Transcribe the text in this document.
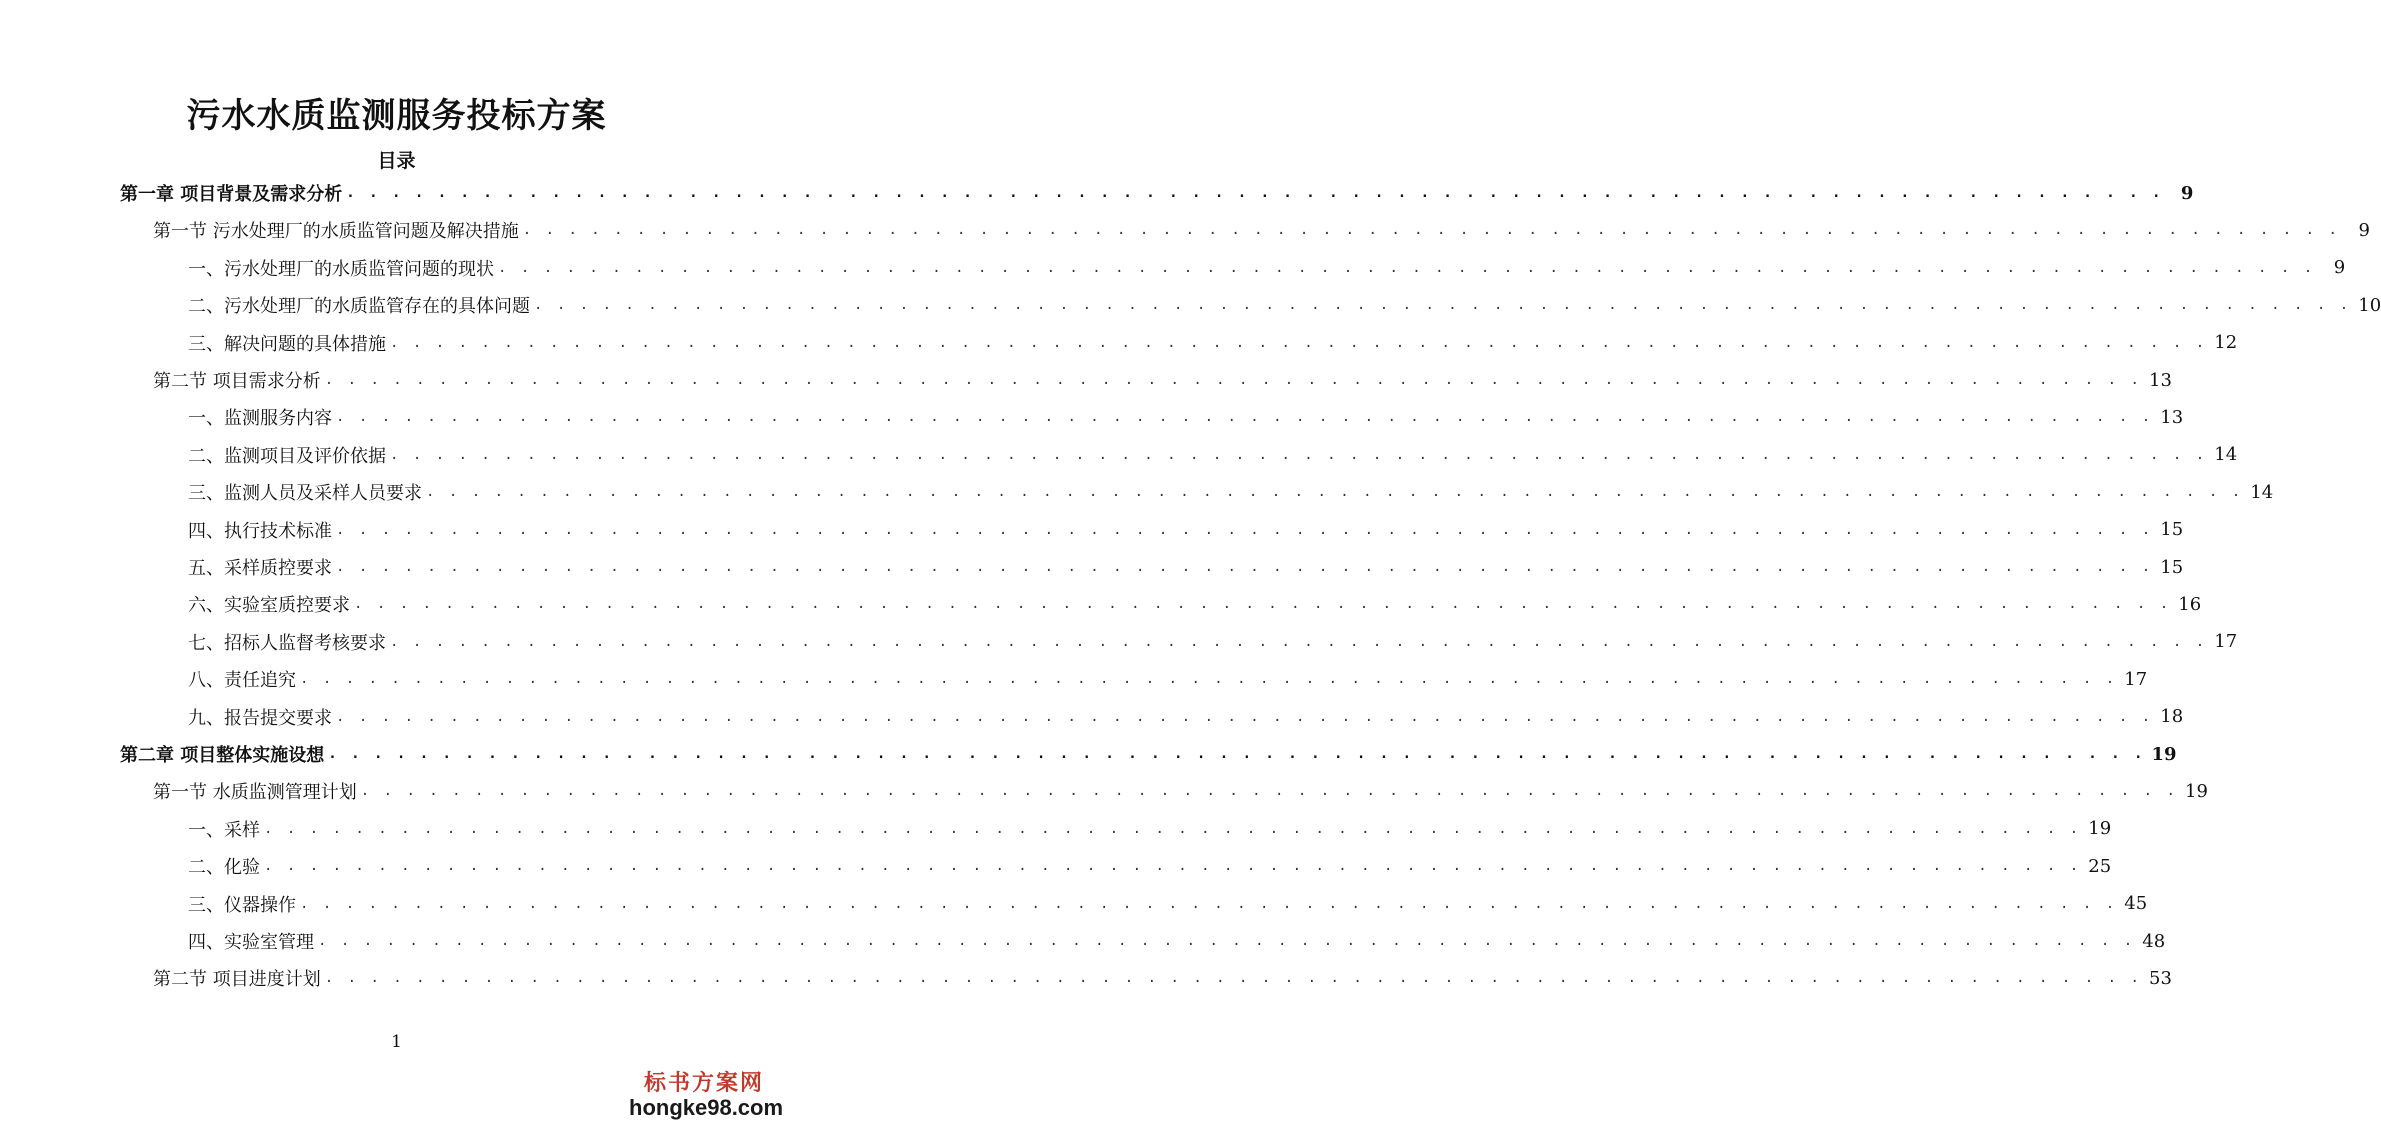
污水水质监测服务投标方案
目录
第一章 项目背景及需求分析 . . . . . . . . . . . . . . . . . . . . . . . . . . . . . . . . . . . . . . . . . . . . . . . . . . . . . . . . . . . . . . . . . . . . . . . . . . . . . . . . 9
第一节 污水处理厂的水质监管问题及解决措施 . . . . . . . . . . . . . . . . . . . . . . . . . . . . . . . . . . . . . . . . . . . . . . . . . . . . . . . . . . . . . . . . . . . . . . . . . . . . . . . .	9
一、污水处理厂的水质监管问题的现状 . . . . . . . . . . . . . . . . . . . . . . . . . . . . . . . . . . . . . . . . . . . . . . . . . . . . . . . . . . . . . . . . . . . . . . . . . . . . . . . .	9
二、污水处理厂的水质监管存在的具体问题 . . . . . . . . . . . . . . . . . . . . . . . . . . . . . . . . . . . . . . . . . . . . . . . . . . . . . . . . . . . . . . . . . . . . . . . . . . . . . . . . 10
三、解决问题的具体措施 . . . . . . . . . . . . . . . . . . . . . . . . . . . . . . . . . . . . . . . . . . . . . . . . . . . . . . . . . . . . . . . . . . . . . . . . . . . . . . . . 12
第二节 项目需求分析 . . . . . . . . . . . . . . . . . . . . . . . . . . . . . . . . . . . . . . . . . . . . . . . . . . . . . . . . . . . . . . . . . . . . . . . . . . . . . . . . 13
一、监测服务内容 . . . . . . . . . . . . . . . . . . . . . . . . . . . . . . . . . . . . . . . . . . . . . . . . . . . . . . . . . . . . . . . . . . . . . . . . . . . . . . . . 13
二、监测项目及评价依据 . . . . . . . . . . . . . . . . . . . . . . . . . . . . . . . . . . . . . . . . . . . . . . . . . . . . . . . . . . . . . . . . . . . . . . . . . . . . . . . . 14
三、监测人员及采样人员要求 . . . . . . . . . . . . . . . . . . . . . . . . . . . . . . . . . . . . . . . . . . . . . . . . . . . . . . . . . . . . . . . . . . . . . . . . . . . . . . . . 14
四、执行技术标准 . . . . . . . . . . . . . . . . . . . . . . . . . . . . . . . . . . . . . . . . . . . . . . . . . . . . . . . . . . . . . . . . . . . . . . . . . . . . . . . . 15
五、采样质控要求 . . . . . . . . . . . . . . . . . . . . . . . . . . . . . . . . . . . . . . . . . . . . . . . . . . . . . . . . . . . . . . . . . . . . . . . . . . . . . . . . 15
六、实验室质控要求 . . . . . . . . . . . . . . . . . . . . . . . . . . . . . . . . . . . . . . . . . . . . . . . . . . . . . . . . . . . . . . . . . . . . . . . . . . . . . . . . 16
七、招标人监督考核要求 . . . . . . . . . . . . . . . . . . . . . . . . . . . . . . . . . . . . . . . . . . . . . . . . . . . . . . . . . . . . . . . . . . . . . . . . . . . . . . . . 17
八、责任追究 . . . . . . . . . . . . . . . . . . . . . . . . . . . . . . . . . . . . . . . . . . . . . . . . . . . . . . . . . . . . . . . . . . . . . . . . . . . . . . . . 17
九、报告提交要求 . . . . . . . . . . . . . . . . . . . . . . . . . . . . . . . . . . . . . . . . . . . . . . . . . . . . . . . . . . . . . . . . . . . . . . . . . . . . . . . . 18
第二章 项目整体实施设想 . . . . . . . . . . . . . . . . . . . . . . . . . . . . . . . . . . . . . . . . . . . . . . . . . . . . . . . . . . . . . . . . . . . . . . . . . . . . . . . . 19
第一节 水质监测管理计划 . . . . . . . . . . . . . . . . . . . . . . . . . . . . . . . . . . . . . . . . . . . . . . . . . . . . . . . . . . . . . . . . . . . . . . . . . . . . . . . . 19
一、采样 . . . . . . . . . . . . . . . . . . . . . . . . . . . . . . . . . . . . . . . . . . . . . . . . . . . . . . . . . . . . . . . . . . . . . . . . . . . . . . . . 19
二、化验 . . . . . . . . . . . . . . . . . . . . . . . . . . . . . . . . . . . . . . . . . . . . . . . . . . . . . . . . . . . . . . . . . . . . . . . . . . . . . . . . 25
三、仪器操作 . . . . . . . . . . . . . . . . . . . . . . . . . . . . . . . . . . . . . . . . . . . . . . . . . . . . . . . . . . . . . . . . . . . . . . . . . . . . . . . . 45
四、实验室管理 . . . . . . . . . . . . . . . . . . . . . . . . . . . . . . . . . . . . . . . . . . . . . . . . . . . . . . . . . . . . . . . . . . . . . . . . . . . . . . . . 48
第二节 项目进度计划 . . . . . . . . . . . . . . . . . . . . . . . . . . . . . . . . . . . . . . . . . . . . . . . . . . . . . . . . . . . . . . . . . . . . . . . . . . . . . . . . 53
1
标书方案网
hongke98.com
